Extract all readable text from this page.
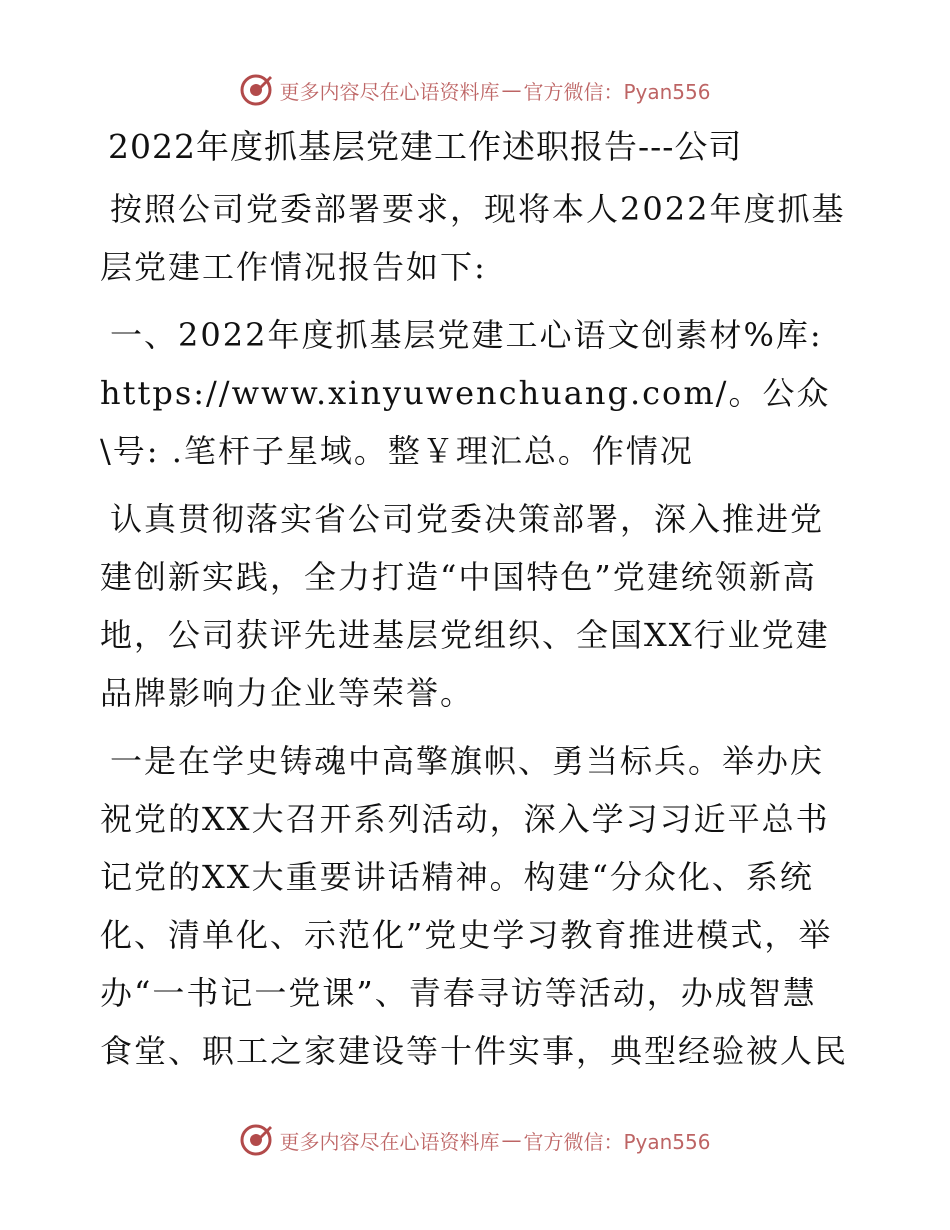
更多内容尽在心语资料库 — 官方微信：Pyan556
2022年度抓基层党建工作述职报告---公司

按照公司党委部署要求，现将本人2022年度抓基层党建工作情况报告如下:

一、2022年度抓基层党建工心语文创素材%库: https://www.xinyuwenchuang.com/。公众\号: .笔杆子星域。整￥理汇总。作情况

认真贯彻落实省公司党委决策部署，深入推进党建创新实践，全力打造“中国特色”党建统领新高地，公司获评先进基层党组织、全国XX行业党建品牌影响力企业等荣誉。

一是在学史铸魂中高擎旗帜、勇当标兵。举办庆祝党的XX大召开系列活动，深入学习习近平总书记党的XX大重要讲话精神。构建“分众化、系统化、清单化、示范化”党史学习教育推进模式，举办“一书记一党课”、青春寻访等活动，办成智慧食堂、职工之家建设等十件实事，典型经验被人民

更多内容尽在心语资料库 — 官方微信：Pyan556
